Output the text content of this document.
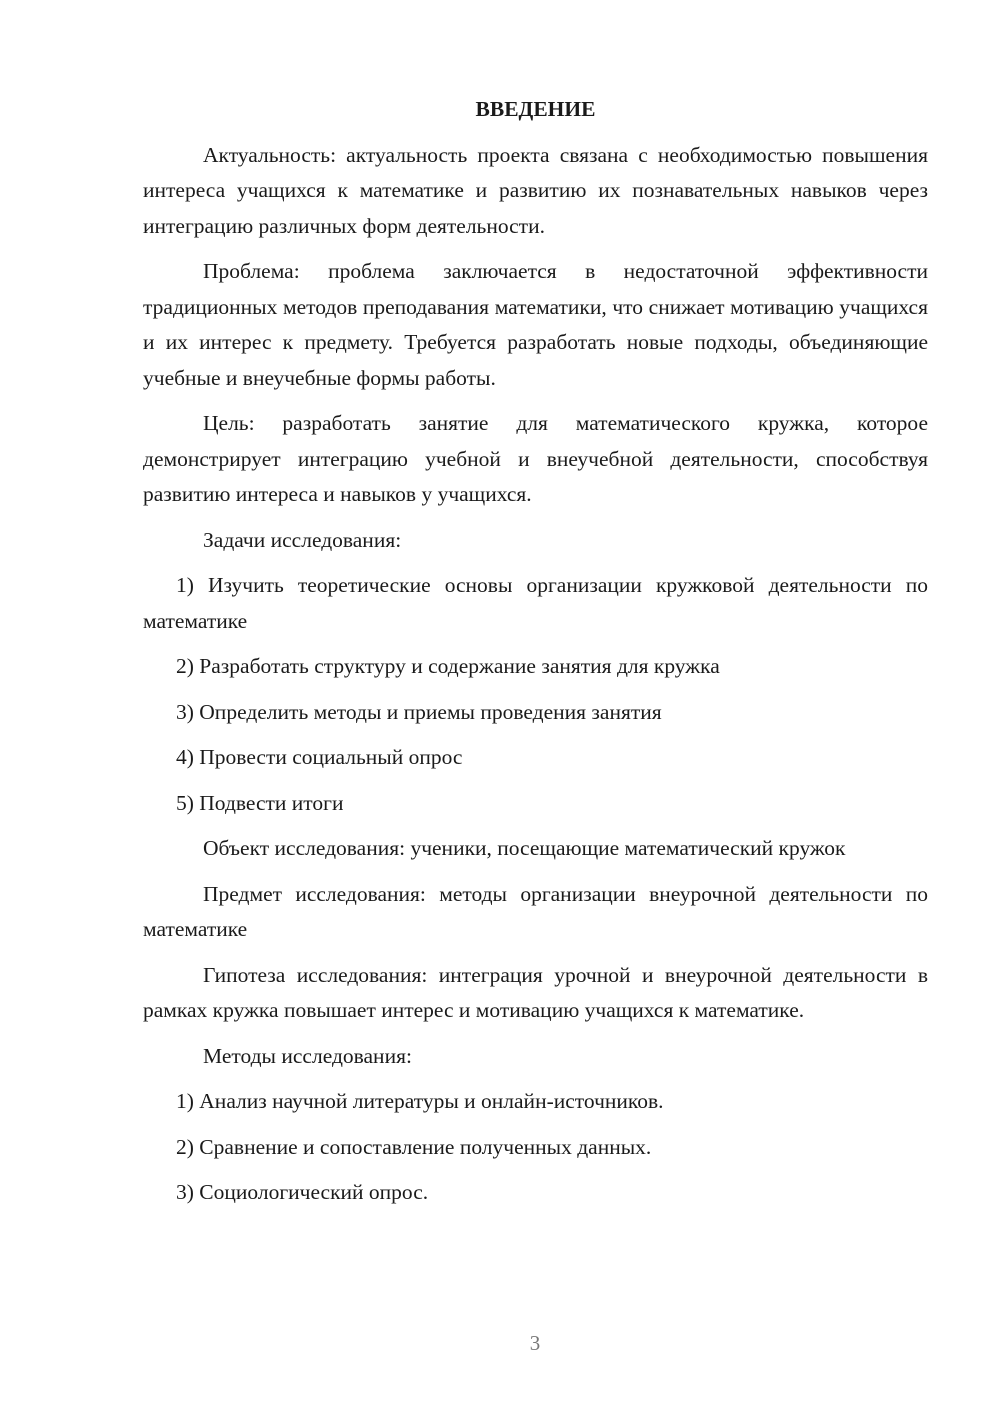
ВВЕДЕНИЕ

Актуальность: актуальность проекта связана с необходимостью повышения интереса учащихся к математике и развитию их познавательных навыков через интеграцию различных форм деятельности.

Проблема: проблема заключается в недостаточной эффективности традиционных методов преподавания математики, что снижает мотивацию учащихся и их интерес к предмету. Требуется разработать новые подходы, объединяющие учебные и внеучебные формы работы.

Цель: разработать занятие для математического кружка, которое демонстрирует интеграцию учебной и внеучебной деятельности, способствуя развитию интереса и навыков у учащихся.

Задачи исследования:

1) Изучить теоретические основы организации кружковой деятельности по математике

2) Разработать структуру и содержание занятия для кружка

3) Определить методы и приемы проведения занятия

4) Провести социальный опрос

5) Подвести итоги

Объект исследования: ученики, посещающие математический кружок

Предмет исследования: методы организации внеурочной деятельности по математике

Гипотеза исследования: интеграция урочной и внеурочной деятельности в рамках кружка повышает интерес и мотивацию учащихся к математике.

Методы исследования:

1) Анализ научной литературы и онлайн-источников.

2) Сравнение и сопоставление полученных данных.

3) Социологический опрос.

3
